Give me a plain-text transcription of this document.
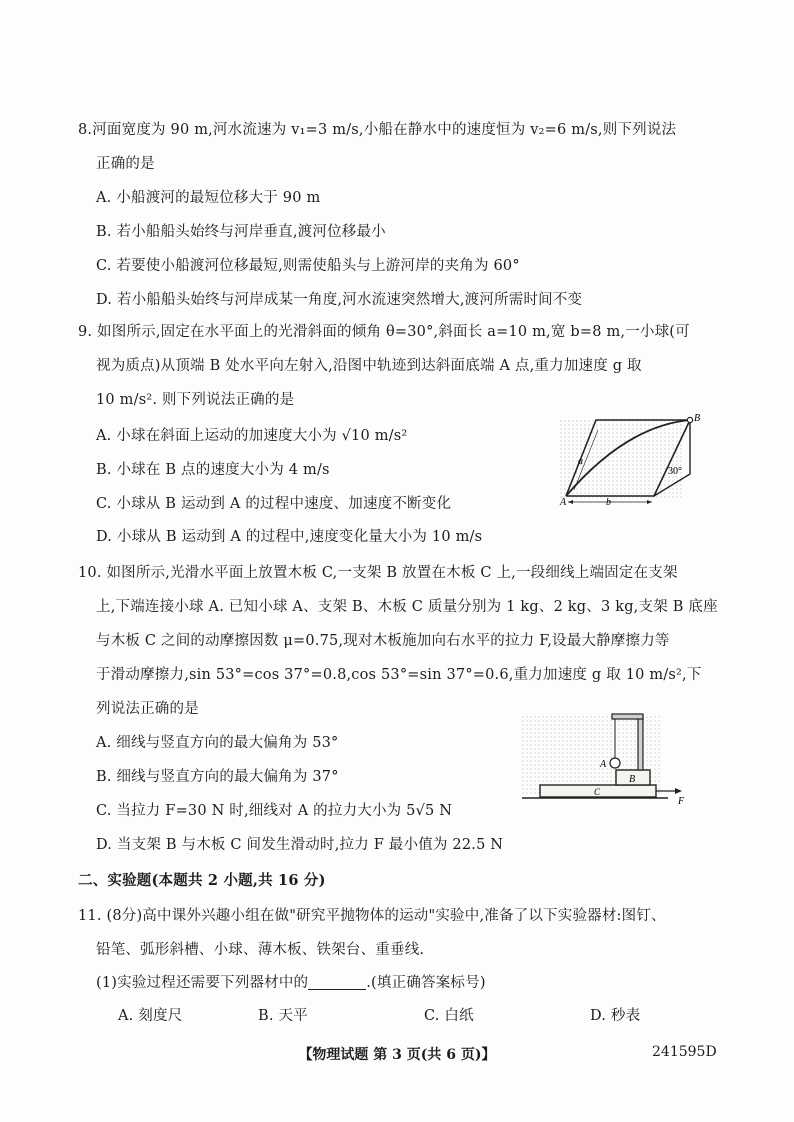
8.河面宽度为 90 m,河水流速为 v₁=3 m/s,小船在静水中的速度恒为 v₂=6 m/s,则下列说法
正确的是
A. 小船渡河的最短位移大于 90 m
B. 若小船船头始终与河岸垂直,渡河位移最小
C. 若要使小船渡河位移最短,则需使船头与上游河岸的夹角为 60°
D. 若小船船头始终与河岸成某一角度,河水流速突然增大,渡河所需时间不变
9. 如图所示,固定在水平面上的光滑斜面的倾角 θ=30°,斜面长 a=10 m,宽 b=8 m,一小球(可
视为质点)从顶端 B 处水平向左射入,沿图中轨迹到达斜面底端 A 点,重力加速度 g 取
10 m/s². 则下列说法正确的是
A. 小球在斜面上运动的加速度大小为 √10 m/s²
B. 小球在 B 点的速度大小为 4 m/s
C. 小球从 B 运动到 A 的过程中速度、加速度不断变化
D. 小球从 B 运动到 A 的过程中,速度变化量大小为 10 m/s
A
B
a
b
30°
10. 如图所示,光滑水平面上放置木板 C,一支架 B 放置在木板 C 上,一段细线上端固定在支架
上,下端连接小球 A. 已知小球 A、支架 B、木板 C 质量分别为 1 kg、2 kg、3 kg,支架 B 底座
与木板 C 之间的动摩擦因数 μ=0.75,现对木板施加向右水平的拉力 F,设最大静摩擦力等
于滑动摩擦力,sin 53°=cos 37°=0.8,cos 53°=sin 37°=0.6,重力加速度 g 取 10 m/s²,下
列说法正确的是
A. 细线与竖直方向的最大偏角为 53°
B. 细线与竖直方向的最大偏角为 37°
C. 当拉力 F=30 N 时,细线对 A 的拉力大小为 5√5 N
D. 当支架 B 与木板 C 间发生滑动时,拉力 F 最小值为 22.5 N
A
B
C
F
二、实验题(本题共 2 小题,共 16 分)
11. (8分)高中课外兴趣小组在做"研究平抛物体的运动"实验中,准备了以下实验器材:图钉、
铅笔、弧形斜槽、小球、薄木板、铁架台、重垂线.
(1)实验过程还需要下列器材中的	.(填正确答案标号)
A. 刻度尺	B. 天平	C. 白纸	D. 秒表
【物理试题 第 3 页(共 6 页)】	241595D
